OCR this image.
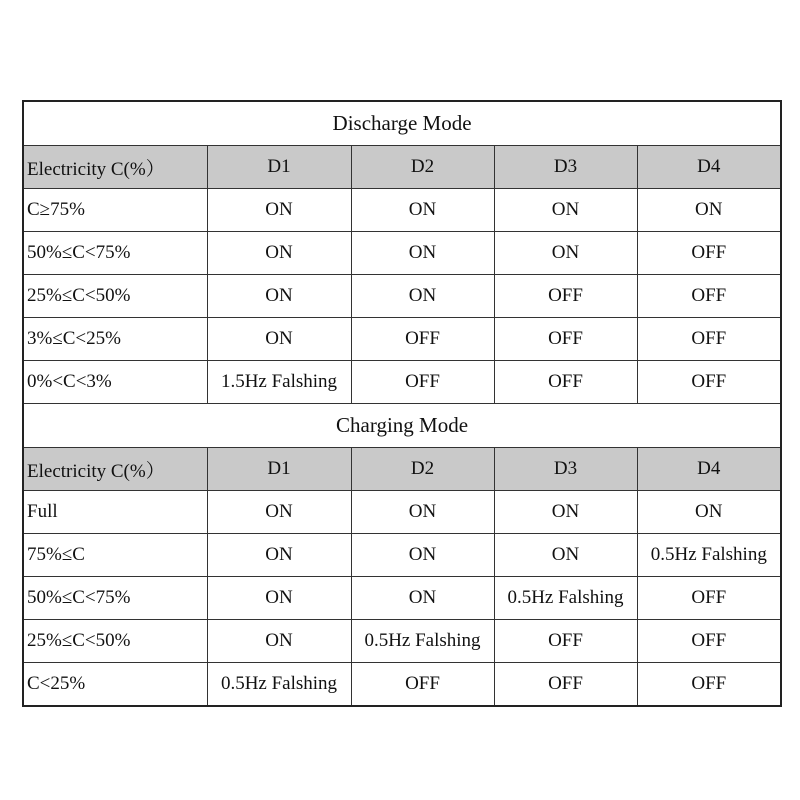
Discharge Mode				
Electricity C(%）	D1	D2	D3	D4
C≥75%	ON	ON	ON	ON
50%≤C<75%	ON	ON	ON	OFF
25%≤C<50%	ON	ON	OFF	OFF
3%≤C<25%	ON	OFF	OFF	OFF
0%<C<3%	1.5Hz Falshing	OFF	OFF	OFF
Charging Mode				
Electricity C(%）	D1	D2	D3	D4
Full	ON	ON	ON	ON
75%≤C	ON	ON	ON	0.5Hz Falshing
50%≤C<75%	ON	ON	0.5Hz Falshing	OFF
25%≤C<50%	ON	0.5Hz Falshing	OFF	OFF
C<25%	0.5Hz Falshing	OFF	OFF	OFF
